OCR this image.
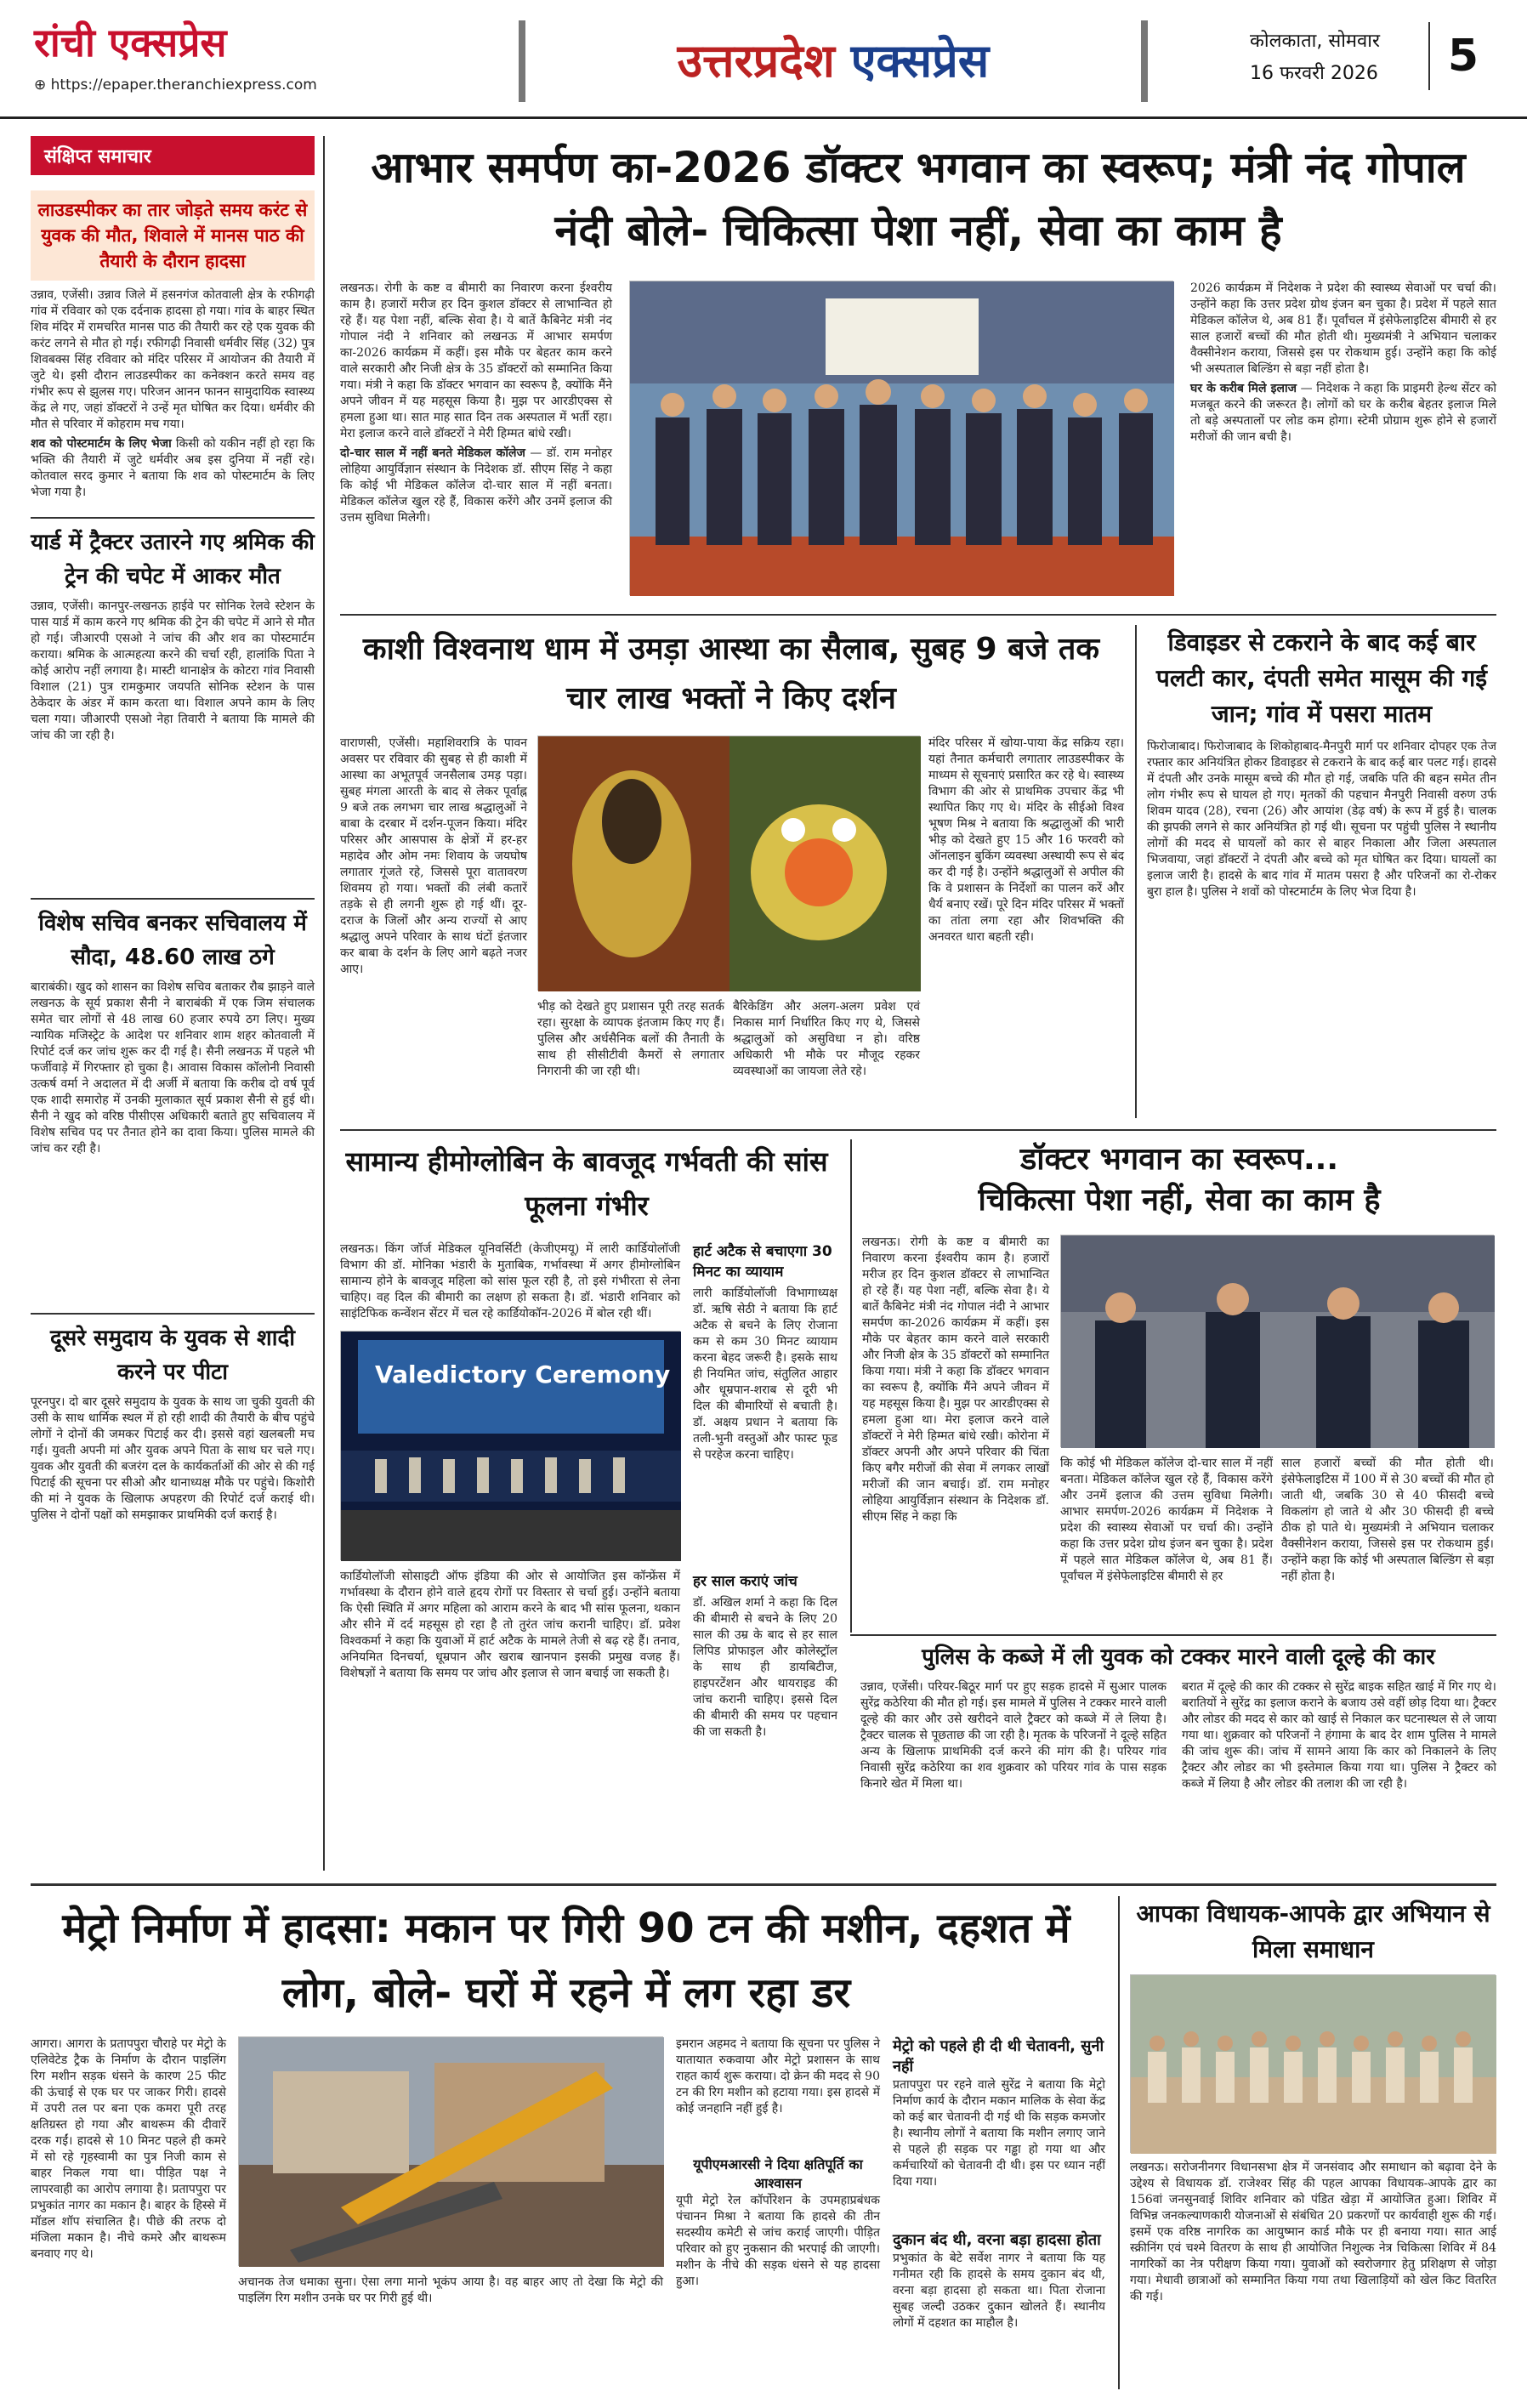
रांची एक्सप्रेस
⊕ https://epaper.theranchiexpress.com	उत्तरप्रदेश एक्सप्रेस	कोलकाता, सोमवार
16 फरवरी 2026	5
संक्षिप्त समाचार
लाउडस्पीकर का तार जोड़ते समय करंट से युवक की मौत, शिवाले में मानस पाठ की तैयारी के दौरान हादसा

उन्नाव, एजेंसी। उन्नाव जिले में हसनगंज कोतवाली क्षेत्र के रफीगढ़ी गांव में रविवार को एक दर्दनाक हादसा हो गया। गांव के बाहर स्थित शिव मंदिर में रामचरित मानस पाठ की तैयारी कर रहे एक युवक की करंट लगने से मौत हो गई। रफीगढ़ी निवासी धर्मवीर सिंह (32) पुत्र शिवबक्स सिंह रविवार को मंदिर परिसर में आयोजन की तैयारी में जुटे थे। इसी दौरान लाउडस्पीकर का कनेक्शन करते समय वह गंभीर रूप से झुलस गए। परिजन आनन फानन सामुदायिक स्वास्थ्य केंद्र ले गए, जहां डॉक्टरों ने उन्हें मृत घोषित कर दिया। धर्मवीर की मौत से परिवार में कोहराम मच गया।

शव को पोस्टमार्टम के लिए भेजा किसी को यकीन नहीं हो रहा कि भक्ति की तैयारी में जुटे धर्मवीर अब इस दुनिया में नहीं रहे। कोतवाल सरद कुमार ने बताया कि शव को पोस्टमार्टम के लिए भेजा गया है।

यार्ड में ट्रैक्टर उतारने गए श्रमिक की ट्रेन की चपेट में आकर मौत
उन्नाव, एजेंसी। कानपुर-लखनऊ हाईवे पर सोनिक रेलवे स्टेशन के पास यार्ड में काम करने गए श्रमिक की ट्रेन की चपेट में आने से मौत हो गई। जीआरपी एसओ ने जांच की और शव का पोस्टमार्टम कराया। श्रमिक के आत्महत्या करने की चर्चा रही, हालांकि पिता ने कोई आरोप नहीं लगाया है। मास्टी थानाक्षेत्र के कोटरा गांव निवासी विशाल (21) पुत्र रामकुमार जयपति सोनिक स्टेशन के पास ठेकेदार के अंडर में काम करता था। विशाल अपने काम के लिए चला गया। जीआरपी एसओ नेहा तिवारी ने बताया कि मामले की जांच की जा रही है।
विशेष सचिव बनकर सचिवालय में सौदा, 48.60 लाख ठगे
बाराबंकी। खुद को शासन का विशेष सचिव बताकर रौब झाड़ने वाले लखनऊ के सूर्य प्रकाश सैनी ने बाराबंकी में एक जिम संचालक समेत चार लोगों से 48 लाख 60 हजार रुपये ठग लिए। मुख्य न्यायिक मजिस्ट्रेट के आदेश पर शनिवार शाम शहर कोतवाली में रिपोर्ट दर्ज कर जांच शुरू कर दी गई है। सैनी लखनऊ में पहले भी फर्जीवाड़े में गिरफ्तार हो चुका है। आवास विकास कॉलोनी निवासी उत्कर्ष वर्मा ने अदालत में दी अर्जी में बताया कि करीब दो वर्ष पूर्व एक शादी समारोह में उनकी मुलाकात सूर्य प्रकाश सैनी से हुई थी। सैनी ने खुद को वरिष्ठ पीसीएस अधिकारी बताते हुए सचिवालय में विशेष सचिव पद पर तैनात होने का दावा किया। पुलिस मामले की जांच कर रही है।
दूसरे समुदाय के युवक से शादी करने पर पीटा
पूरनपुर। दो बार दूसरे समुदाय के युवक के साथ जा चुकी युवती की उसी के साथ धार्मिक स्थल में हो रही शादी की तैयारी के बीच पहुंचे लोगों ने दोनों की जमकर पिटाई कर दी। इससे वहां खलबली मच गई। युवती अपनी मां और युवक अपने पिता के साथ घर चले गए। युवक और युवती की बजरंग दल के कार्यकर्ताओं की ओर से की गई पिटाई की सूचना पर सीओ और थानाध्यक्ष मौके पर पहुंचे। किशोरी की मां ने युवक के खिलाफ अपहरण की रिपोर्ट दर्ज कराई थी। पुलिस ने दोनों पक्षों को समझाकर प्राथमिकी दर्ज कराई है।
आभार समर्पण का-2026 डॉक्टर भगवान का स्वरूप; मंत्री नंद गोपाल नंदी बोले- चिकित्सा पेशा नहीं, सेवा का काम है

लखनऊ। रोगी के कष्ट व बीमारी का निवारण करना ईश्वरीय काम है। हजारों मरीज हर दिन कुशल डॉक्टर से लाभान्वित हो रहे हैं। यह पेशा नहीं, बल्कि सेवा है। ये बातें कैबिनेट मंत्री नंद गोपाल नंदी ने शनिवार को लखनऊ में आभार समर्पण का-2026 कार्यक्रम में कहीं। इस मौके पर बेहतर काम करने वाले सरकारी और निजी क्षेत्र के 35 डॉक्टरों को सम्मानित किया गया। मंत्री ने कहा कि डॉक्टर भगवान का स्वरूप है, क्योंकि मैंने अपने जीवन में यह महसूस किया है। मुझ पर आरडीएक्स से हमला हुआ था। सात माह सात दिन तक अस्पताल में भर्ती रहा। मेरा इलाज करने वाले डॉक्टरों ने मेरी हिम्मत बांधे रखी।

दो-चार साल में नहीं बनते मेडिकल कॉलेज — डॉ. राम मनोहर लोहिया आयुर्विज्ञान संस्थान के निदेशक डॉ. सीएम सिंह ने कहा कि कोई भी मेडिकल कॉलेज दो-चार साल में नहीं बनता। मेडिकल कॉलेज खुल रहे हैं, विकास करेंगे और उनमें इलाज की उत्तम सुविधा मिलेगी।

2026 कार्यक्रम में निदेशक ने प्रदेश की स्वास्थ्य सेवाओं पर चर्चा की। उन्होंने कहा कि उत्तर प्रदेश ग्रोथ इंजन बन चुका है। प्रदेश में पहले सात मेडिकल कॉलेज थे, अब 81 हैं। पूर्वांचल में इंसेफेलाइटिस बीमारी से हर साल हजारों बच्चों की मौत होती थी। मुख्यमंत्री ने अभियान चलाकर वैक्सीनेशन कराया, जिससे इस पर रोकथाम हुई। उन्होंने कहा कि कोई भी अस्पताल बिल्डिंग से बड़ा नहीं होता है।

घर के करीब मिले इलाज — निदेशक ने कहा कि प्राइमरी हेल्थ सेंटर को मजबूत करने की जरूरत है। लोगों को घर के करीब बेहतर इलाज मिले तो बड़े अस्पतालों पर लोड कम होगा। स्टेमी प्रोग्राम शुरू होने से हजारों मरीजों की जान बची है।

काशी विश्वनाथ धाम में उमड़ा आस्था का सैलाब, सुबह 9 बजे तक चार लाख भक्तों ने किए दर्शन
वाराणसी, एजेंसी। महाशिवरात्रि के पावन अवसर पर रविवार की सुबह से ही काशी में आस्था का अभूतपूर्व जनसैलाब उमड़ पड़ा। सुबह मंगला आरती के बाद से लेकर पूर्वाह्न 9 बजे तक लगभग चार लाख श्रद्धालुओं ने बाबा के दरबार में दर्शन-पूजन किया। मंदिर परिसर और आसपास के क्षेत्रों में हर-हर महादेव और ओम नमः शिवाय के जयघोष लगातार गूंजते रहे, जिससे पूरा वातावरण शिवमय हो गया। भक्तों की लंबी कतारें तड़के से ही लगनी शुरू हो गई थीं। दूर-दराज के जिलों और अन्य राज्यों से आए श्रद्धालु अपने परिवार के साथ घंटों इंतजार कर बाबा के दर्शन के लिए आगे बढ़ते नजर आए।
भीड़ को देखते हुए प्रशासन पूरी तरह सतर्क रहा। सुरक्षा के व्यापक इंतजाम किए गए हैं। पुलिस और अर्धसैनिक बलों की तैनाती के साथ ही सीसीटीवी कैमरों से लगातार निगरानी की जा रही थी।
बैरिकेडिंग और अलग-अलग प्रवेश एवं निकास मार्ग निर्धारित किए गए थे, जिससे श्रद्धालुओं को असुविधा न हो। वरिष्ठ अधिकारी भी मौके पर मौजूद रहकर व्यवस्थाओं का जायजा लेते रहे।
मंदिर परिसर में खोया-पाया केंद्र सक्रिय रहा। यहां तैनात कर्मचारी लगातार लाउडस्पीकर के माध्यम से सूचनाएं प्रसारित कर रहे थे। स्वास्थ्य विभाग की ओर से प्राथमिक उपचार केंद्र भी स्थापित किए गए थे। मंदिर के सीईओ विश्व भूषण मिश्र ने बताया कि श्रद्धालुओं की भारी भीड़ को देखते हुए 15 और 16 फरवरी को ऑनलाइन बुकिंग व्यवस्था अस्थायी रूप से बंद कर दी गई है। उन्होंने श्रद्धालुओं से अपील की कि वे प्रशासन के निर्देशों का पालन करें और धैर्य बनाए रखें। पूरे दिन मंदिर परिसर में भक्तों का तांता लगा रहा और शिवभक्ति की अनवरत धारा बहती रही।
डिवाइडर से टकराने के बाद कई बार पलटी कार, दंपती समेत मासूम की गई जान; गांव में पसरा मातम
फिरोजाबाद। फिरोजाबाद के शिकोहाबाद-मैनपुरी मार्ग पर शनिवार दोपहर एक तेज रफ्तार कार अनियंत्रित होकर डिवाइडर से टकराने के बाद कई बार पलट गई। हादसे में दंपती और उनके मासूम बच्चे की मौत हो गई, जबकि पति की बहन समेत तीन लोग गंभीर रूप से घायल हो गए। मृतकों की पहचान मैनपुरी निवासी वरुण उर्फ शिवम यादव (28), रचना (26) और आयांश (डेढ़ वर्ष) के रूप में हुई है। चालक की झपकी लगने से कार अनियंत्रित हो गई थी। सूचना पर पहुंची पुलिस ने स्थानीय लोगों की मदद से घायलों को कार से बाहर निकाला और जिला अस्पताल भिजवाया, जहां डॉक्टरों ने दंपती और बच्चे को मृत घोषित कर दिया। घायलों का इलाज जारी है। हादसे के बाद गांव में मातम पसरा है और परिजनों का रो-रोकर बुरा हाल है। पुलिस ने शवों को पोस्टमार्टम के लिए भेज दिया है।
सामान्य हीमोग्लोबिन के बावजूद गर्भवती की सांस फूलना गंभीर
लखनऊ। किंग जॉर्ज मेडिकल यूनिवर्सिटी (केजीएमयू) में लारी कार्डियोलॉजी विभाग की डॉ. मोनिका भंडारी के मुताबिक, गर्भावस्था में अगर हीमोग्लोबिन सामान्य होने के बावजूद महिला को सांस फूल रही है, तो इसे गंभीरता से लेना चाहिए। वह दिल की बीमारी का लक्षण हो सकता है। डॉ. भंडारी शनिवार को साइंटिफिक कन्वेंशन सेंटर में चल रहे कार्डियोकॉन-2026 में बोल रही थीं।
Valedictory Ceremony
कार्डियोलॉजी सोसाइटी ऑफ इंडिया की ओर से आयोजित इस कॉन्फ्रेंस में गर्भावस्था के दौरान होने वाले हृदय रोगों पर विस्तार से चर्चा हुई। उन्होंने बताया कि ऐसी स्थिति में अगर महिला को आराम करने के बाद भी सांस फूलना, थकान और सीने में दर्द महसूस हो रहा है तो तुरंत जांच करानी चाहिए। डॉ. प्रवेश विश्वकर्मा ने कहा कि युवाओं में हार्ट अटैक के मामले तेजी से बढ़ रहे हैं। तनाव, अनियमित दिनचर्या, धूम्रपान और खराब खानपान इसकी प्रमुख वजह हैं। विशेषज्ञों ने बताया कि समय पर जांच और इलाज से जान बचाई जा सकती है।
हार्ट अटैक से बचाएगा 30 मिनट का व्यायाम
लारी कार्डियोलॉजी विभागाध्यक्ष डॉ. ऋषि सेठी ने बताया कि हार्ट अटैक से बचने के लिए रोजाना कम से कम 30 मिनट व्यायाम करना बेहद जरूरी है। इसके साथ ही नियमित जांच, संतुलित आहार और धूम्रपान-शराब से दूरी भी दिल की बीमारियों से बचाती है। डॉ. अक्षय प्रधान ने बताया कि तली-भुनी वस्तुओं और फास्ट फूड से परहेज करना चाहिए।
हर साल कराएं जांच
डॉ. अखिल शर्मा ने कहा कि दिल की बीमारी से बचने के लिए 20 साल की उम्र के बाद से हर साल लिपिड प्रोफाइल और कोलेस्ट्रॉल के साथ ही डायबिटीज, हाइपरटेंशन और थायराइड की जांच करानी चाहिए। इससे दिल की बीमारी की समय पर पहचान की जा सकती है।
डॉक्टर भगवान का स्वरूप...
चिकित्सा पेशा नहीं, सेवा का काम है
लखनऊ। रोगी के कष्ट व बीमारी का निवारण करना ईश्वरीय काम है। हजारों मरीज हर दिन कुशल डॉक्टर से लाभान्वित हो रहे हैं। यह पेशा नहीं, बल्कि सेवा है। ये बातें कैबिनेट मंत्री नंद गोपाल नंदी ने आभार समर्पण का-2026 कार्यक्रम में कहीं। इस मौके पर बेहतर काम करने वाले सरकारी और निजी क्षेत्र के 35 डॉक्टरों को सम्मानित किया गया। मंत्री ने कहा कि डॉक्टर भगवान का स्वरूप है, क्योंकि मैंने अपने जीवन में यह महसूस किया है। मुझ पर आरडीएक्स से हमला हुआ था। मेरा इलाज करने वाले डॉक्टरों ने मेरी हिम्मत बांधे रखी। कोरोना में डॉक्टर अपनी और अपने परिवार की चिंता किए बगैर मरीजों की सेवा में लगकर लाखों मरीजों की जान बचाई। डॉ. राम मनोहर लोहिया आयुर्विज्ञान संस्थान के निदेशक डॉ. सीएम सिंह ने कहा कि
कि कोई भी मेडिकल कॉलेज दो-चार साल में नहीं बनता। मेडिकल कॉलेज खुल रहे हैं, विकास करेंगे और उनमें इलाज की उत्तम सुविधा मिलेगी। आभार समर्पण-2026 कार्यक्रम में निदेशक ने प्रदेश की स्वास्थ्य सेवाओं पर चर्चा की। उन्होंने कहा कि उत्तर प्रदेश ग्रोथ इंजन बन चुका है। प्रदेश में पहले सात मेडिकल कॉलेज थे, अब 81 हैं। पूर्वांचल में इंसेफेलाइटिस बीमारी से हर
साल हजारों बच्चों की मौत होती थी। इंसेफेलाइटिस में 100 में से 30 बच्चों की मौत हो जाती थी, जबकि 30 से 40 फीसदी बच्चे विकलांग हो जाते थे और 30 फीसदी ही बच्चे ठीक हो पाते थे। मुख्यमंत्री ने अभियान चलाकर वैक्सीनेशन कराया, जिससे इस पर रोकथाम हुई। उन्होंने कहा कि कोई भी अस्पताल बिल्डिंग से बड़ा नहीं होता है।
पुलिस के कब्जे में ली युवक को टक्कर मारने वाली दूल्हे की कार
उन्नाव, एजेंसी। परियर-बिठूर मार्ग पर हुए सड़क हादसे में सुआर पालक सुरेंद्र कठेरिया की मौत हो गई। इस मामले में पुलिस ने टक्कर मारने वाली दूल्हे की कार और उसे खरीदने वाले ट्रैक्टर को कब्जे में ले लिया है। ट्रैक्टर चालक से पूछताछ की जा रही है। मृतक के परिजनों ने दूल्हे सहित अन्य के खिलाफ प्राथमिकी दर्ज करने की मांग की है। परियर गांव निवासी सुरेंद्र कठेरिया का शव शुक्रवार को परियर गांव के पास सड़क किनारे खेत में मिला था।
बरात में दूल्हे की कार की टक्कर से सुरेंद्र बाइक सहित खाई में गिर गए थे। बरातियों ने सुरेंद्र का इलाज कराने के बजाय उसे वहीं छोड़ दिया था। ट्रैक्टर और लोडर की मदद से कार को खाई से निकाल कर घटनास्थल से ले जाया गया था। शुक्रवार को परिजनों ने हंगामा के बाद देर शाम पुलिस ने मामले की जांच शुरू की। जांच में सामने आया कि कार को निकालने के लिए ट्रैक्टर और लोडर का भी इस्तेमाल किया गया था। पुलिस ने ट्रैक्टर को कब्जे में लिया है और लोडर की तलाश की जा रही है।
मेट्रो निर्माण में हादसा: मकान पर गिरी 90 टन की मशीन, दहशत में लोग, बोले- घरों में रहने में लग रहा डर
आगरा। आगरा के प्रतापपुरा चौराहे पर मेट्रो के एलिवेटेड ट्रैक के निर्माण के दौरान पाइलिंग रिग मशीन सड़क धंसने के कारण 25 फीट की ऊंचाई से एक घर पर जाकर गिरी। हादसे में उपरी तल पर बना एक कमरा पूरी तरह क्षतिग्रस्त हो गया और बाथरूम की दीवारें दरक गईं। हादसे से 10 मिनट पहले ही कमरे में सो रहे गृहस्वामी का पुत्र निजी काम से बाहर निकल गया था। पीड़ित पक्ष ने लापरवाही का आरोप लगाया है। प्रतापपुरा पर प्रभुकांत नागर का मकान है। बाहर के हिस्से में मॉडल शॉप संचालित है। पीछे की तरफ दो मंजिला मकान है। नीचे कमरे और बाथरूम बनवाए गए थे।
अचानक तेज धमाका सुना। ऐसा लगा मानो भूकंप आया है। वह बाहर आए तो देखा कि मेट्रो की पाइलिंग रिग मशीन उनके घर पर गिरी हुई थी।
इमरान अहमद ने बताया कि सूचना पर पुलिस ने यातायात रुकवाया और मेट्रो प्रशासन के साथ राहत कार्य शुरू कराया। दो क्रेन की मदद से 90 टन की रिग मशीन को हटाया गया। इस हादसे में कोई जनहानि नहीं हुई है।
यूपीएमआरसी ने दिया क्षतिपूर्ति का आश्वासन
यूपी मेट्रो रेल कॉर्पोरेशन के उपमहाप्रबंधक पंचानन मिश्रा ने बताया कि हादसे की तीन सदस्यीय कमेटी से जांच कराई जाएगी। पीड़ित परिवार को हुए नुकसान की भरपाई की जाएगी। मशीन के नीचे की सड़क धंसने से यह हादसा हुआ।
मेट्रो को पहले ही दी थी चेतावनी, सुनी नहीं
प्रतापपुरा पर रहने वाले सुरेंद्र ने बताया कि मेट्रो निर्माण कार्य के दौरान मकान मालिक के सेवा केंद्र को कई बार चेतावनी दी गई थी कि सड़क कमजोर है। स्थानीय लोगों ने बताया कि मशीन लगाए जाने से पहले ही सड़क पर गड्ढा हो गया था और कर्मचारियों को चेतावनी दी थी। इस पर ध्यान नहीं दिया गया।
दुकान बंद थी, वरना बड़ा हादसा होता
प्रभुकांत के बेटे सर्वेश नागर ने बताया कि यह गनीमत रही कि हादसे के समय दुकान बंद थी, वरना बड़ा हादसा हो सकता था। पिता रोजाना सुबह जल्दी उठकर दुकान खोलते हैं। स्थानीय लोगों में दहशत का माहौल है।
आपका विधायक-आपके द्वार अभियान से मिला समाधान
लखनऊ। सरोजनीनगर विधानसभा क्षेत्र में जनसंवाद और समाधान को बढ़ावा देने के उद्देश्य से विधायक डॉ. राजेश्वर सिंह की पहल आपका विधायक-आपके द्वार का 156वां जनसुनवाई शिविर शनिवार को पंडित खेड़ा में आयोजित हुआ। शिविर में विभिन्न जनकल्याणकारी योजनाओं से संबंधित 20 प्रकरणों पर कार्यवाही शुरू की गई। इसमें एक वरिष्ठ नागरिक का आयुष्मान कार्ड मौके पर ही बनाया गया। सात आई स्क्रीनिंग एवं चश्मे वितरण के साथ ही आयोजित निशुल्क नेत्र चिकित्सा शिविर में 84 नागरिकों का नेत्र परीक्षण किया गया। युवाओं को स्वरोजगार हेतु प्रशिक्षण से जोड़ा गया। मेधावी छात्राओं को सम्मानित किया गया तथा खिलाड़ियों को खेल किट वितरित की गई।
